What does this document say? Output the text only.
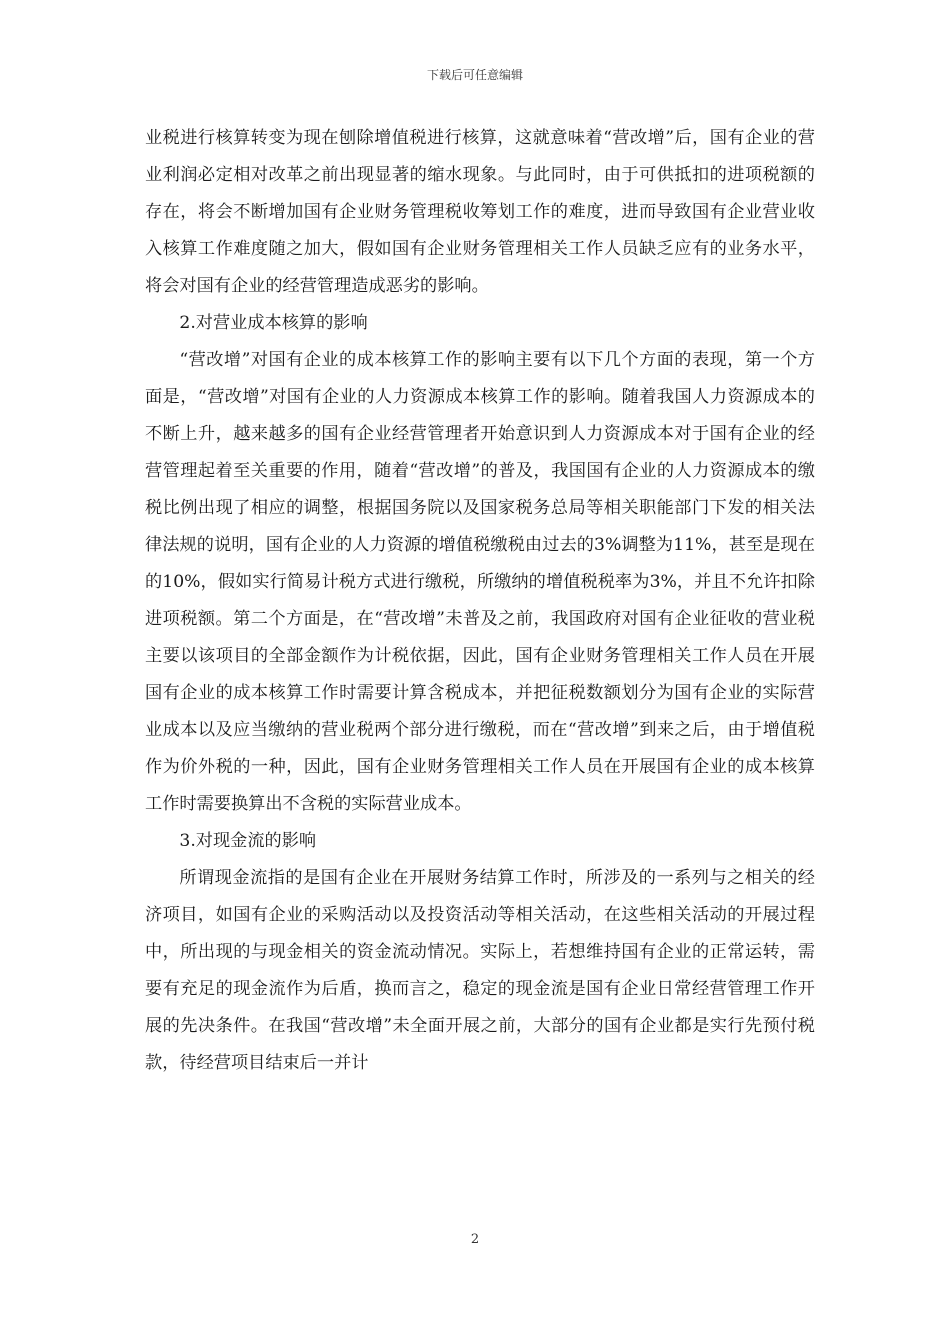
下载后可任意编辑

业税进行核算转变为现在刨除增值税进行核算，这就意味着“营改增”后，国有企业的营业利润必定相对改革之前出现显著的缩水现象。与此同时，由于可供抵扣的进项税额的存在，将会不断增加国有企业财务管理税收筹划工作的难度，进而导致国有企业营业收入核算工作难度随之加大，假如国有企业财务管理相关工作人员缺乏应有的业务水平，将会对国有企业的经营管理造成恶劣的影响。

2.对营业成本核算的影响

“营改增”对国有企业的成本核算工作的影响主要有以下几个方面的表现，第一个方面是，“营改增”对国有企业的人力资源成本核算工作的影响。随着我国人力资源成本的不断上升，越来越多的国有企业经营管理者开始意识到人力资源成本对于国有企业的经营管理起着至关重要的作用，随着“营改增”的普及，我国国有企业的人力资源成本的缴税比例出现了相应的调整，根据国务院以及国家税务总局等相关职能部门下发的相关法律法规的说明，国有企业的人力资源的增值税缴税由过去的3%调整为11%，甚至是现在的10%，假如实行简易计税方式进行缴税，所缴纳的增值税税率为3%，并且不允许扣除进项税额。第二个方面是，在“营改增”未普及之前，我国政府对国有企业征收的营业税主要以该项目的全部金额作为计税依据，因此，国有企业财务管理相关工作人员在开展国有企业的成本核算工作时需要计算含税成本，并把征税数额划分为国有企业的实际营业成本以及应当缴纳的营业税两个部分进行缴税，而在“营改增”到来之后，由于增值税作为价外税的一种，因此，国有企业财务管理相关工作人员在开展国有企业的成本核算工作时需要换算出不含税的实际营业成本。

3.对现金流的影响

所谓现金流指的是国有企业在开展财务结算工作时，所涉及的一系列与之相关的经济项目，如国有企业的采购活动以及投资活动等相关活动，在这些相关活动的开展过程中，所出现的与现金相关的资金流动情况。实际上，若想维持国有企业的正常运转，需要有充足的现金流作为后盾，换而言之，稳定的现金流是国有企业日常经营管理工作开展的先决条件。在我国“营改增”未全面开展之前，大部分的国有企业都是实行先预付税款，待经营项目结束后一并计

2
